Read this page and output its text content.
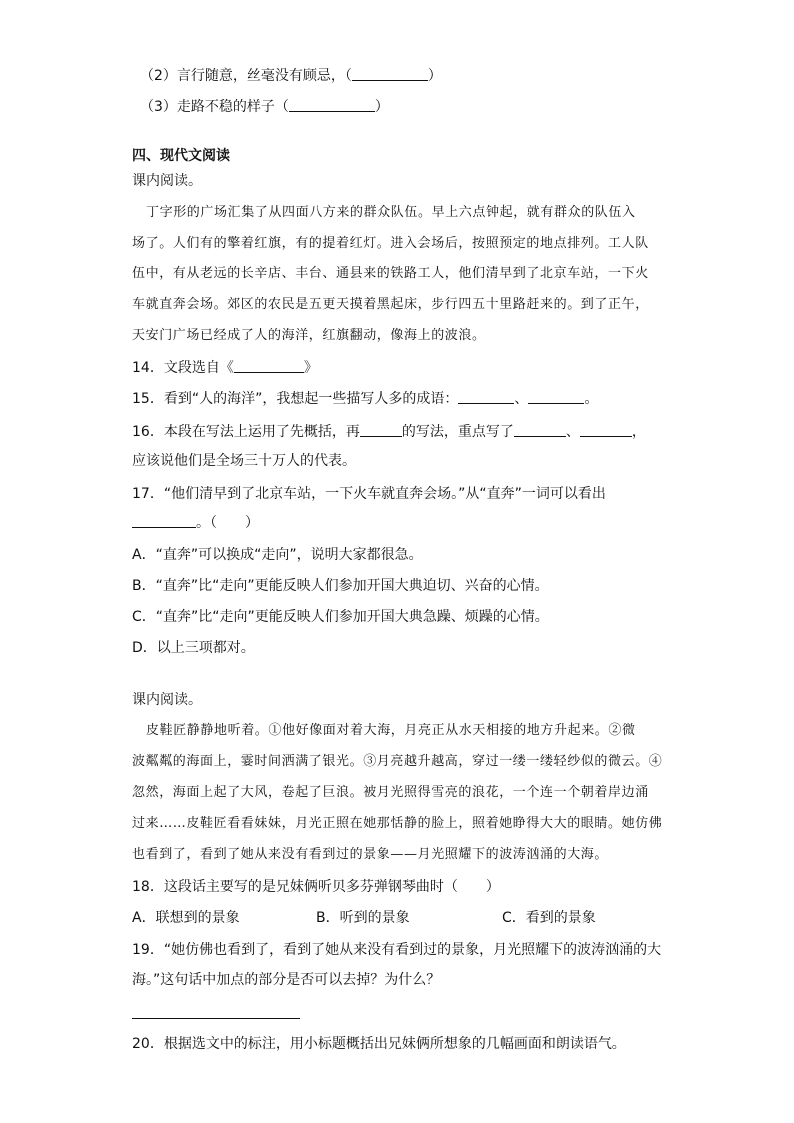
（2）言行随意，丝毫没有顾忌，（	）
（3）走路不稳的样子（	）
四、现代文阅读
课内阅读。
丁字形的广场汇集了从四面八方来的群众队伍。早上六点钟起，就有群众的队伍入
场了。人们有的擎着红旗，有的提着红灯。进入会场后，按照预定的地点排列。工人队
伍中，有从老远的长辛店、丰台、通县来的铁路工人，他们清早到了北京车站，一下火
车就直奔会场。郊区的农民是五更天摸着黑起床，步行四五十里路赶来的。到了正午，
天安门广场已经成了人的海洋，红旗翻动，像海上的波浪。
14．文段选自《	》
15．看到“人的海洋”，我想起一些描写人多的成语：	、	。
16．本段在写法上运用了先概括，再	的写法，重点写了	、	，
应该说他们是全场三十万人的代表。
17．“他们清早到了北京车站，一下火车就直奔会场。”从“直奔”一词可以看出
。（　　）
A．“直奔”可以换成“走向”，说明大家都很急。
B．“直奔”比“走向”更能反映人们参加开国大典迫切、兴奋的心情。
C．“直奔”比“走向”更能反映人们参加开国大典急躁、烦躁的心情。
D．以上三项都对。
课内阅读。
皮鞋匠静静地听着。①他好像面对着大海，月亮正从水天相接的地方升起来。②微
波粼粼的海面上，霎时间洒满了银光。③月亮越升越高，穿过一缕一缕轻纱似的微云。④
忽然，海面上起了大风，卷起了巨浪。被月光照得雪亮的浪花，一个连一个朝着岸边涌
过来……皮鞋匠看看妹妹，月光正照在她那恬静的脸上，照着她睁得大大的眼睛。她仿佛
也看到了，看到了她从来没有看到过的景象——月光照耀下的波涛汹涌的大海。
18．这段话主要写的是兄妹俩听贝多芬弹钢琴曲时（　　）
A．联想到的景象	B．听到的景象	C．看到的景象
19．“她仿佛也看到了，看到了她从来没有看到过的景象，月光照耀下的波涛汹涌的大
海。”这句话中加点的部分是否可以去掉？为什么？
20．根据选文中的标注，用小标题概括出兄妹俩所想象的几幅画面和朗读语气。
